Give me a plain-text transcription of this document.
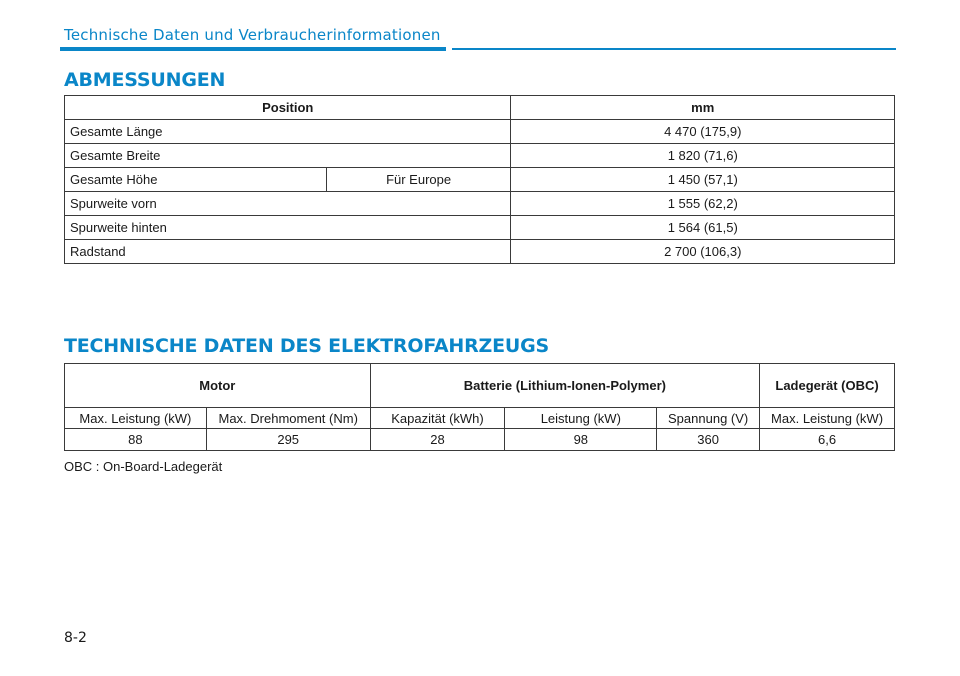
Technische Daten und Verbraucherinformationen
ABMESSUNGEN
Position		mm
Gesamte Länge		4 470 (175,9)
Gesamte Breite		1 820 (71,6)
Gesamte Höhe	Für Europe	1 450 (57,1)
Spurweite vorn		1 555 (62,2)
Spurweite hinten		1 564 (61,5)
Radstand		2 700 (106,3)
TECHNISCHE DATEN DES ELEKTROFAHRZEUGS
Motor		Batterie (Lithium-Ionen-Polymer)			Ladegerät (OBC)
Max. Leistung (kW)	Max. Drehmoment (Nm)	Kapazität (kWh)	Leistung (kW)	Spannung (V)	Max. Leistung (kW)
88	295	28	98	360	6,6
OBC : On-Board-Ladegerät
8-2
